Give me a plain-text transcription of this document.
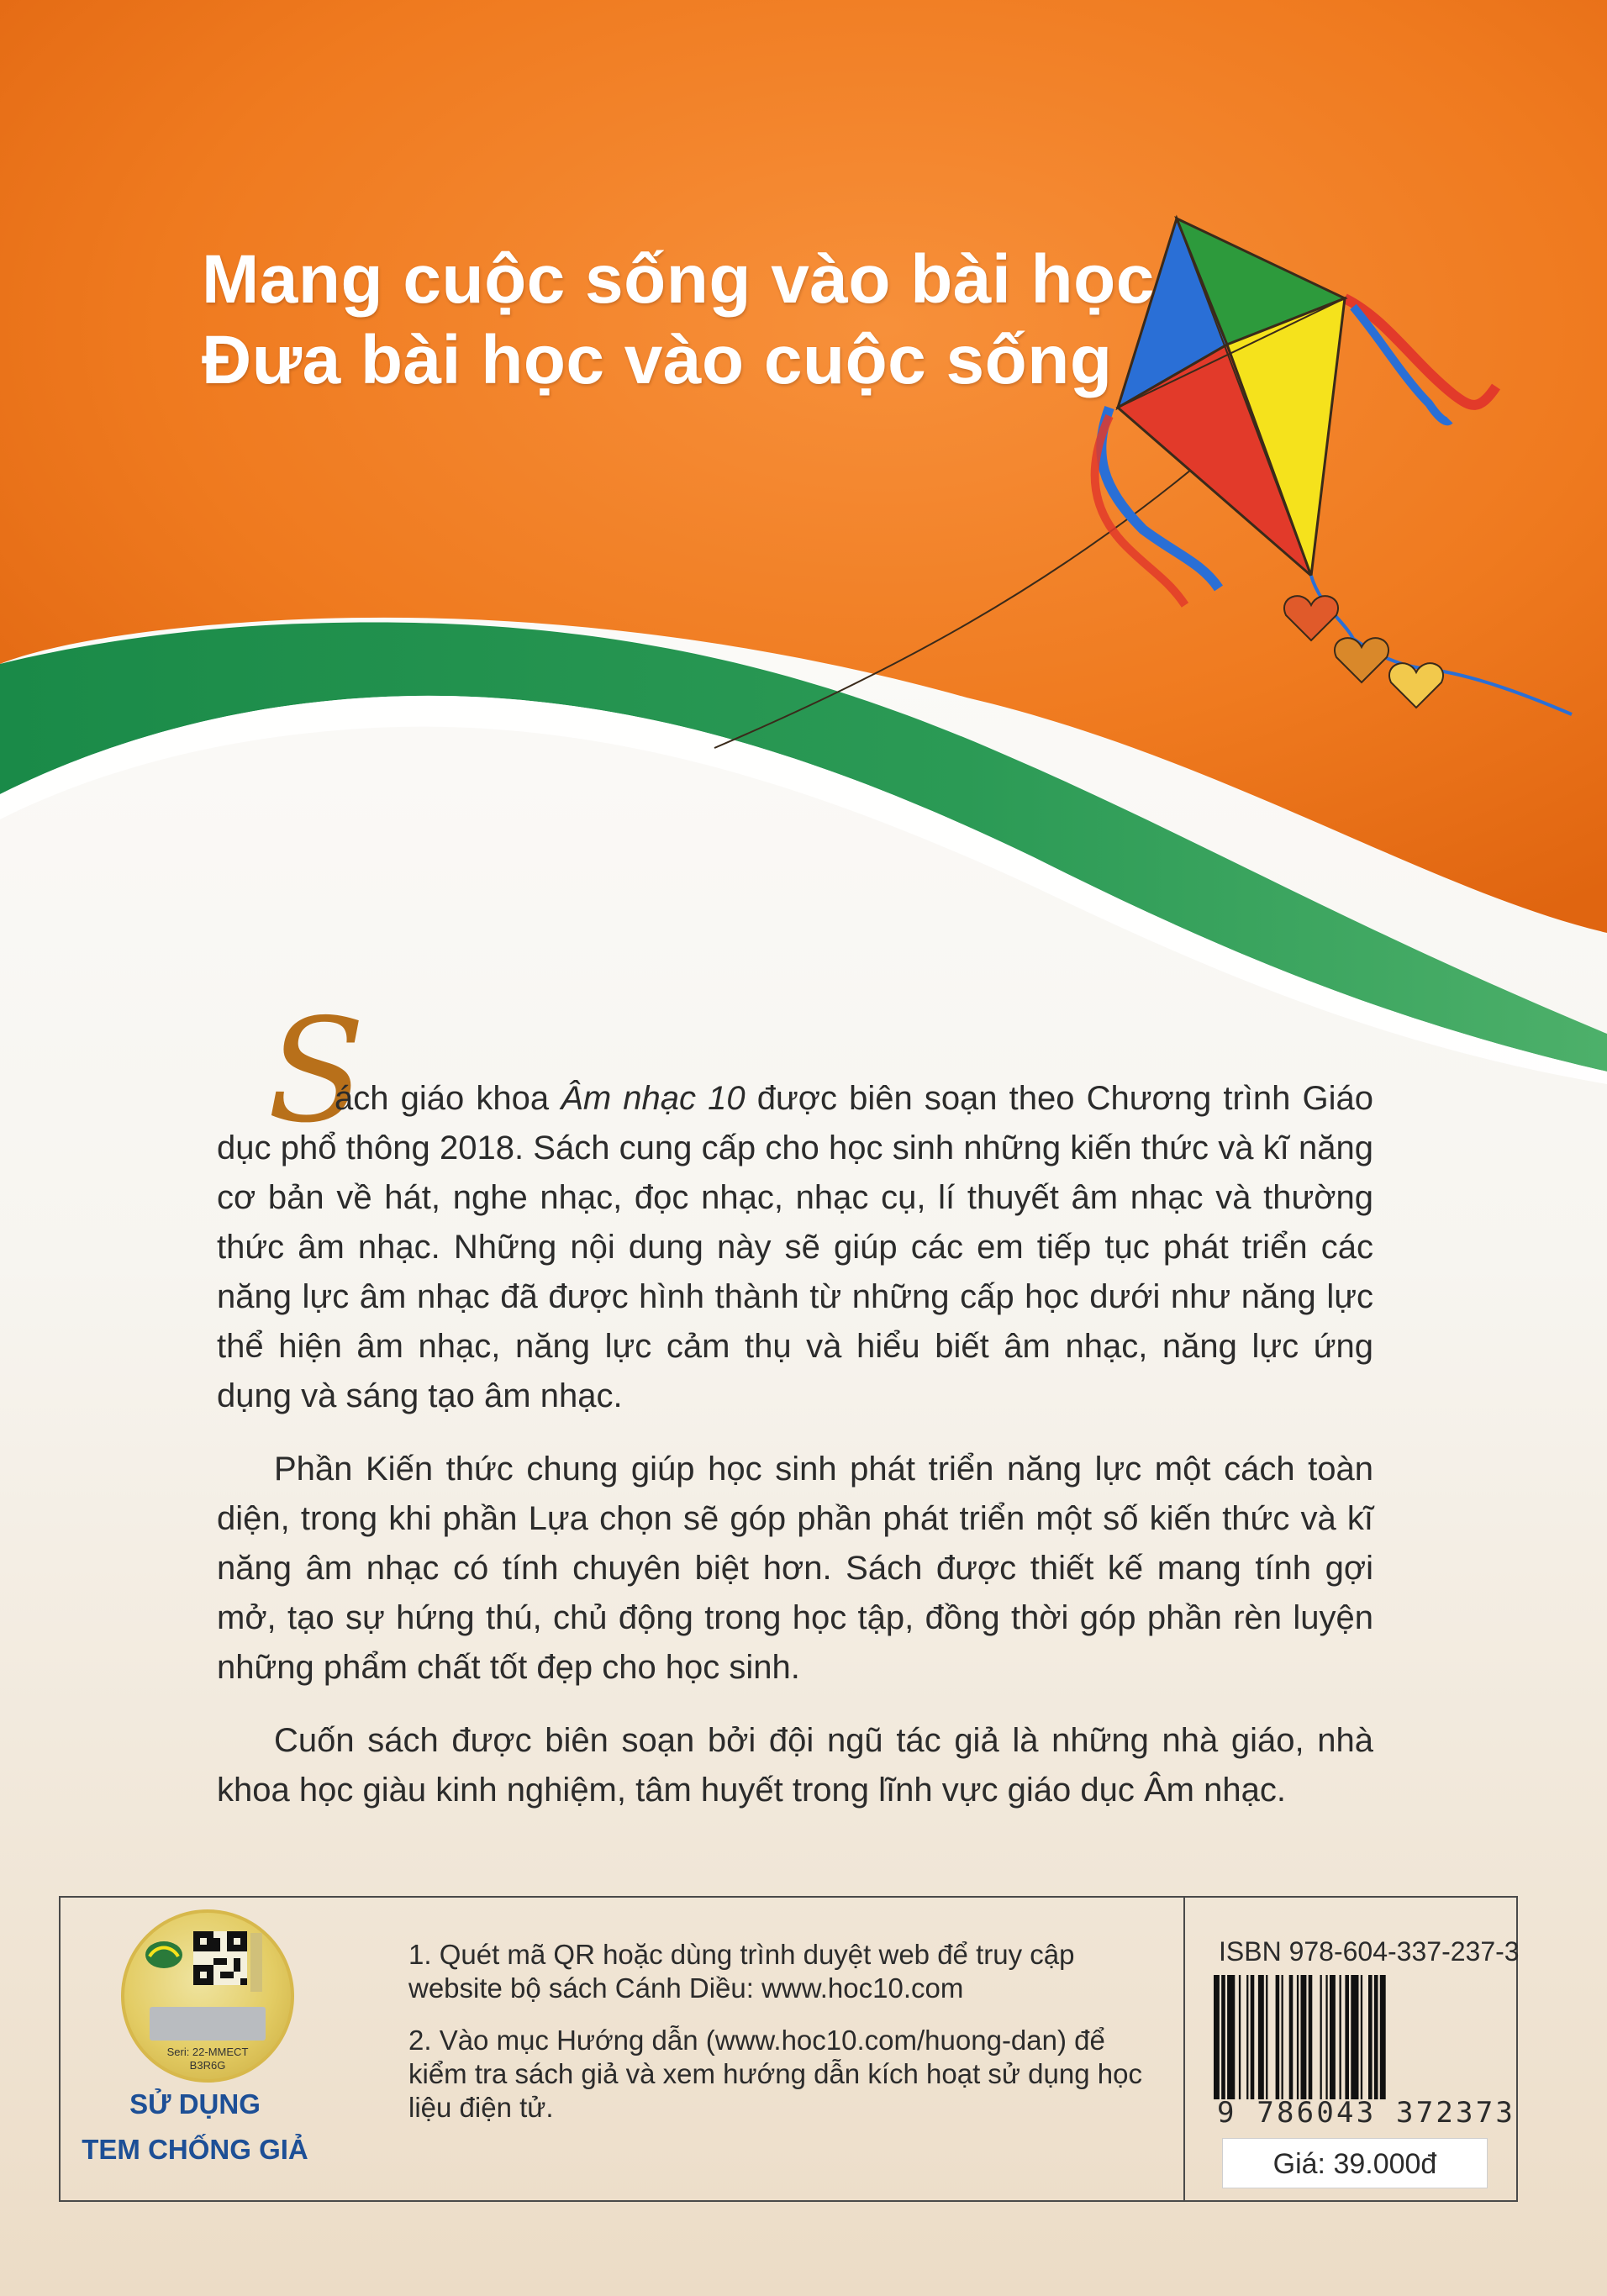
Mang cuộc sống vào bài học
Đưa bài học vào cuộc sống
S

ách giáo khoa Âm nhạc 10 được biên soạn theo Chương trình Giáo dục phổ thông 2018. Sách cung cấp cho học sinh những kiến thức và kĩ năng cơ bản về hát, nghe nhạc, đọc nhạc, nhạc cụ, lí thuyết âm nhạc và thường thức âm nhạc. Những nội dung này sẽ giúp các em tiếp tục phát triển các năng lực âm nhạc đã được hình thành từ những cấp học dưới như năng lực thể hiện âm nhạc, năng lực cảm thụ và hiểu biết âm nhạc, năng lực ứng dụng và sáng tạo âm nhạc.

Phần Kiến thức chung giúp học sinh phát triển năng lực một cách toàn diện, trong khi phần Lựa chọn sẽ góp phần phát triển một số kiến thức và kĩ năng âm nhạc có tính chuyên biệt hơn. Sách được thiết kế mang tính gợi mở, tạo sự hứng thú, chủ động trong học tập, đồng thời góp phần rèn luyện những phẩm chất tốt đẹp cho học sinh.

Cuốn sách được biên soạn bởi đội ngũ tác giả là những nhà giáo, nhà khoa học giàu kinh nghiệm, tâm huyết trong lĩnh vực giáo dục Âm nhạc.

Seri: 22-MMECT
B3R6G
SỬ DỤNG
TEM CHỐNG GIẢ

1. Quét mã QR hoặc dùng trình duyệt web để truy cập website bộ sách Cánh Diều: www.hoc10.com

2. Vào mục Hướng dẫn (www.hoc10.com/huong-dan) để kiểm tra sách giả và xem hướng dẫn kích hoạt sử dụng học liệu điện tử.

ISBN 978-604-337-237-3
9 786043 372373
Giá: 39.000đ
